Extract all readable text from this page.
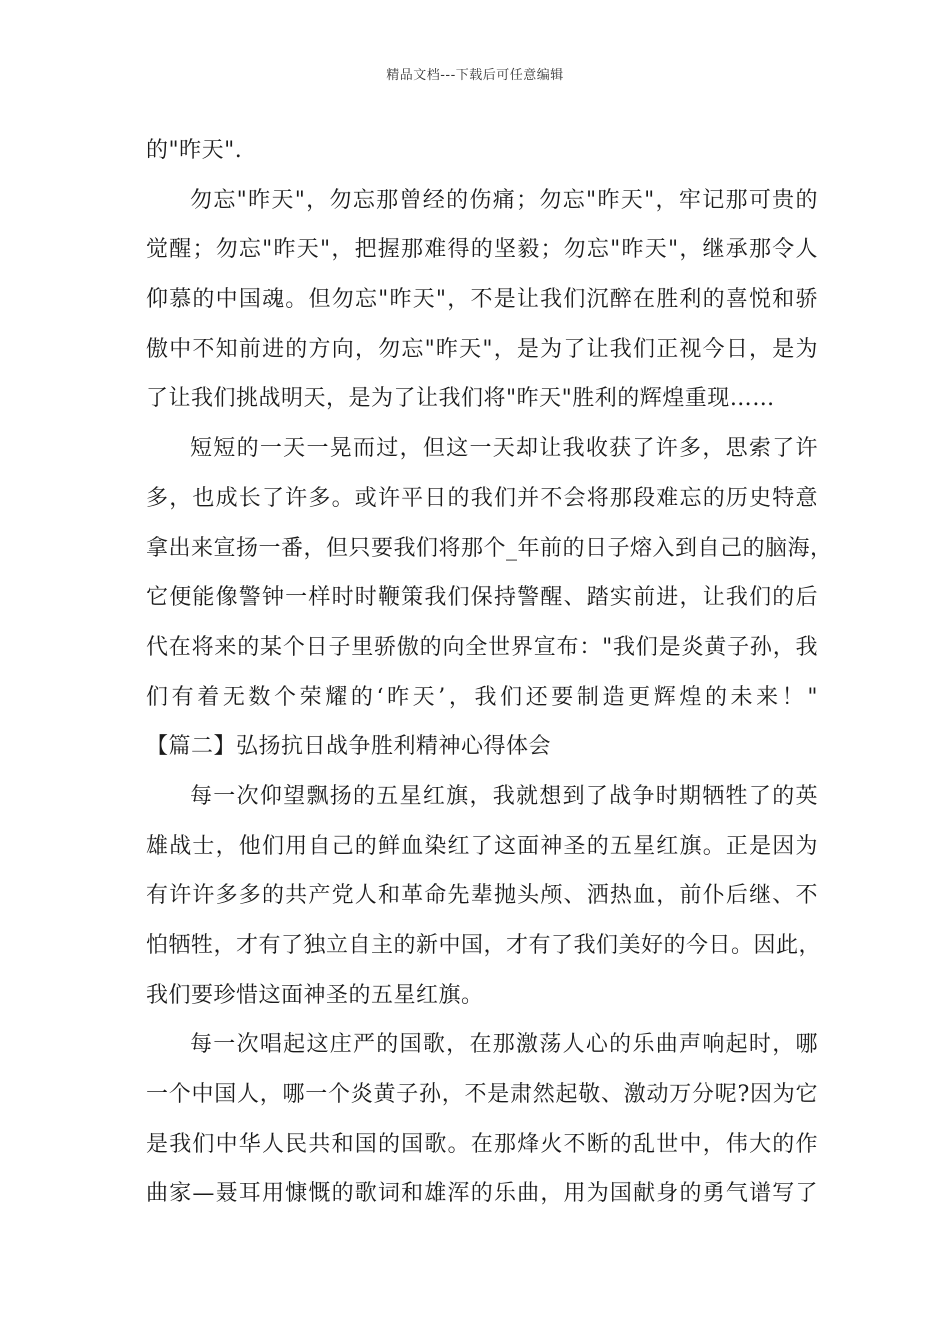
精品文档---下载后可任意编辑
的"昨天".
勿忘"昨天"，勿忘那曾经的伤痛；勿忘"昨天"，牢记那可贵的
觉醒；勿忘"昨天"，把握那难得的坚毅；勿忘"昨天"，继承那令人
仰慕的中国魂。但勿忘"昨天"，不是让我们沉醉在胜利的喜悦和骄
傲中不知前进的方向，勿忘"昨天"，是为了让我们正视今日，是为
了让我们挑战明天，是为了让我们将"昨天"胜利的辉煌重现……
短短的一天一晃而过，但这一天却让我收获了许多，思索了许
多，也成长了许多。或许平日的我们并不会将那段难忘的历史特意
拿出来宣扬一番，但只要我们将那个_年前的日子熔入到自己的脑海，
它便能像警钟一样时时鞭策我们保持警醒、踏实前进，让我们的后
代在将来的某个日子里骄傲的向全世界宣布："我们是炎黄子孙，我
们有着无数个荣耀的‘昨天’，我们还要制造更辉煌的未来！"
【篇二】弘扬抗日战争胜利精神心得体会
每一次仰望飘扬的五星红旗，我就想到了战争时期牺牲了的英
雄战士，他们用自己的鲜血染红了这面神圣的五星红旗。正是因为
有许许多多的共产党人和革命先辈抛头颅、洒热血，前仆后继、不
怕牺牲，才有了独立自主的新中国，才有了我们美好的今日。因此，
我们要珍惜这面神圣的五星红旗。
每一次唱起这庄严的国歌，在那激荡人心的乐曲声响起时，哪
一个中国人，哪一个炎黄子孙，不是肃然起敬、激动万分呢?因为它
是我们中华人民共和国的国歌。在那烽火不断的乱世中，伟大的作
曲家—聂耳用慷慨的歌词和雄浑的乐曲，用为国献身的勇气谱写了
